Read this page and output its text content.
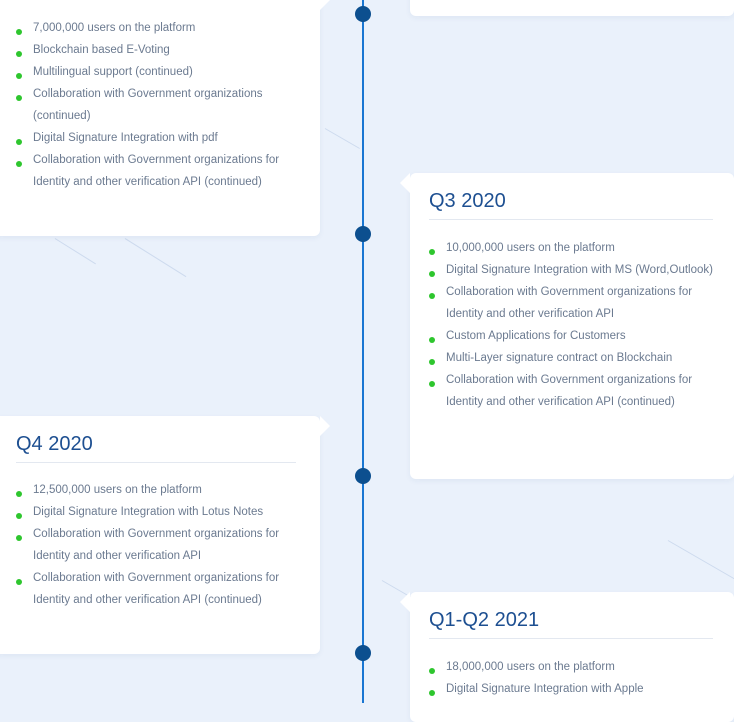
7,000,000 users on the platform
Blockchain based E-Voting
Multilingual support (continued)
Collaboration with Government organizations (continued)
Digital Signature Integration with pdf
Collaboration with Government organizations for Identity and other verification API (continued)
Q3 2020
10,000,000 users on the platform
Digital Signature Integration with MS (Word,Outlook)
Collaboration with Government organizations for Identity and other verification API
Custom Applications for Customers
Multi-Layer signature contract on Blockchain
Collaboration with Government organizations for Identity and other verification API (continued)
Q4 2020
12,500,000 users on the platform
Digital Signature Integration with Lotus Notes
Collaboration with Government organizations for Identity and other verification API
Collaboration with Government organizations for Identity and other verification API (continued)
Q1-Q2 2021
18,000,000 users on the platform
Digital Signature Integration with Apple
